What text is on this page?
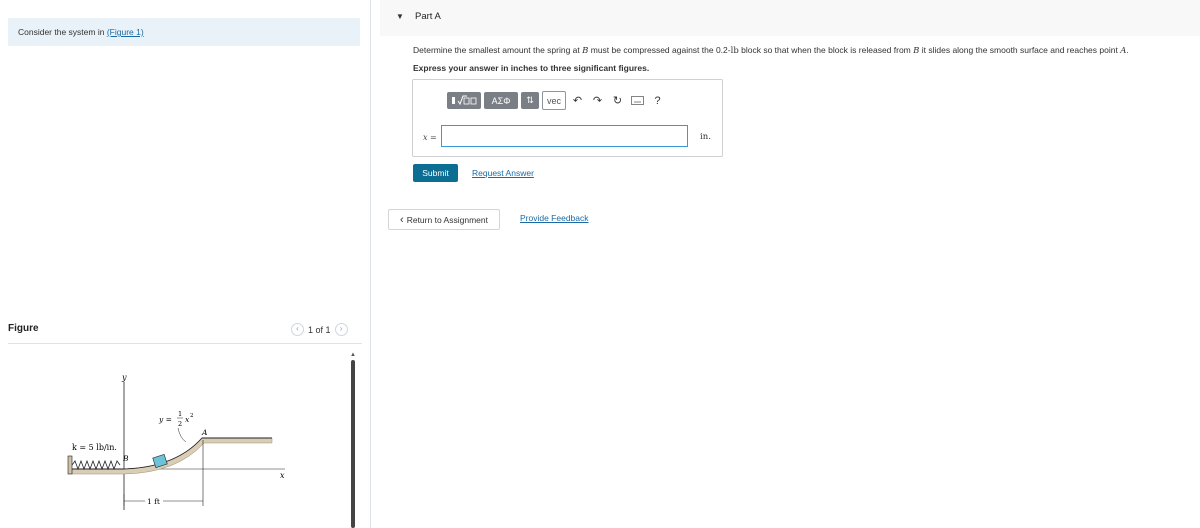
Consider the system in (Figure 1)
Figure	‹	1 of 1	›
y
x
k = 5 lb/in.
B
A
y =
1
2 x 2
1 ft
▲
▼ Part A
Determine the smallest amount the spring at B must be compressed against the 0.2-lb block so that when the block is released from B it slides along the smooth surface and reaches point A.
Express your answer in inches to three significant figures.
ΑΣΦ	⇅	vec	↶ ↷ ↻	?
x =	in.
Submit	Request Answer
‹ Return to Assignment	Provide Feedback
